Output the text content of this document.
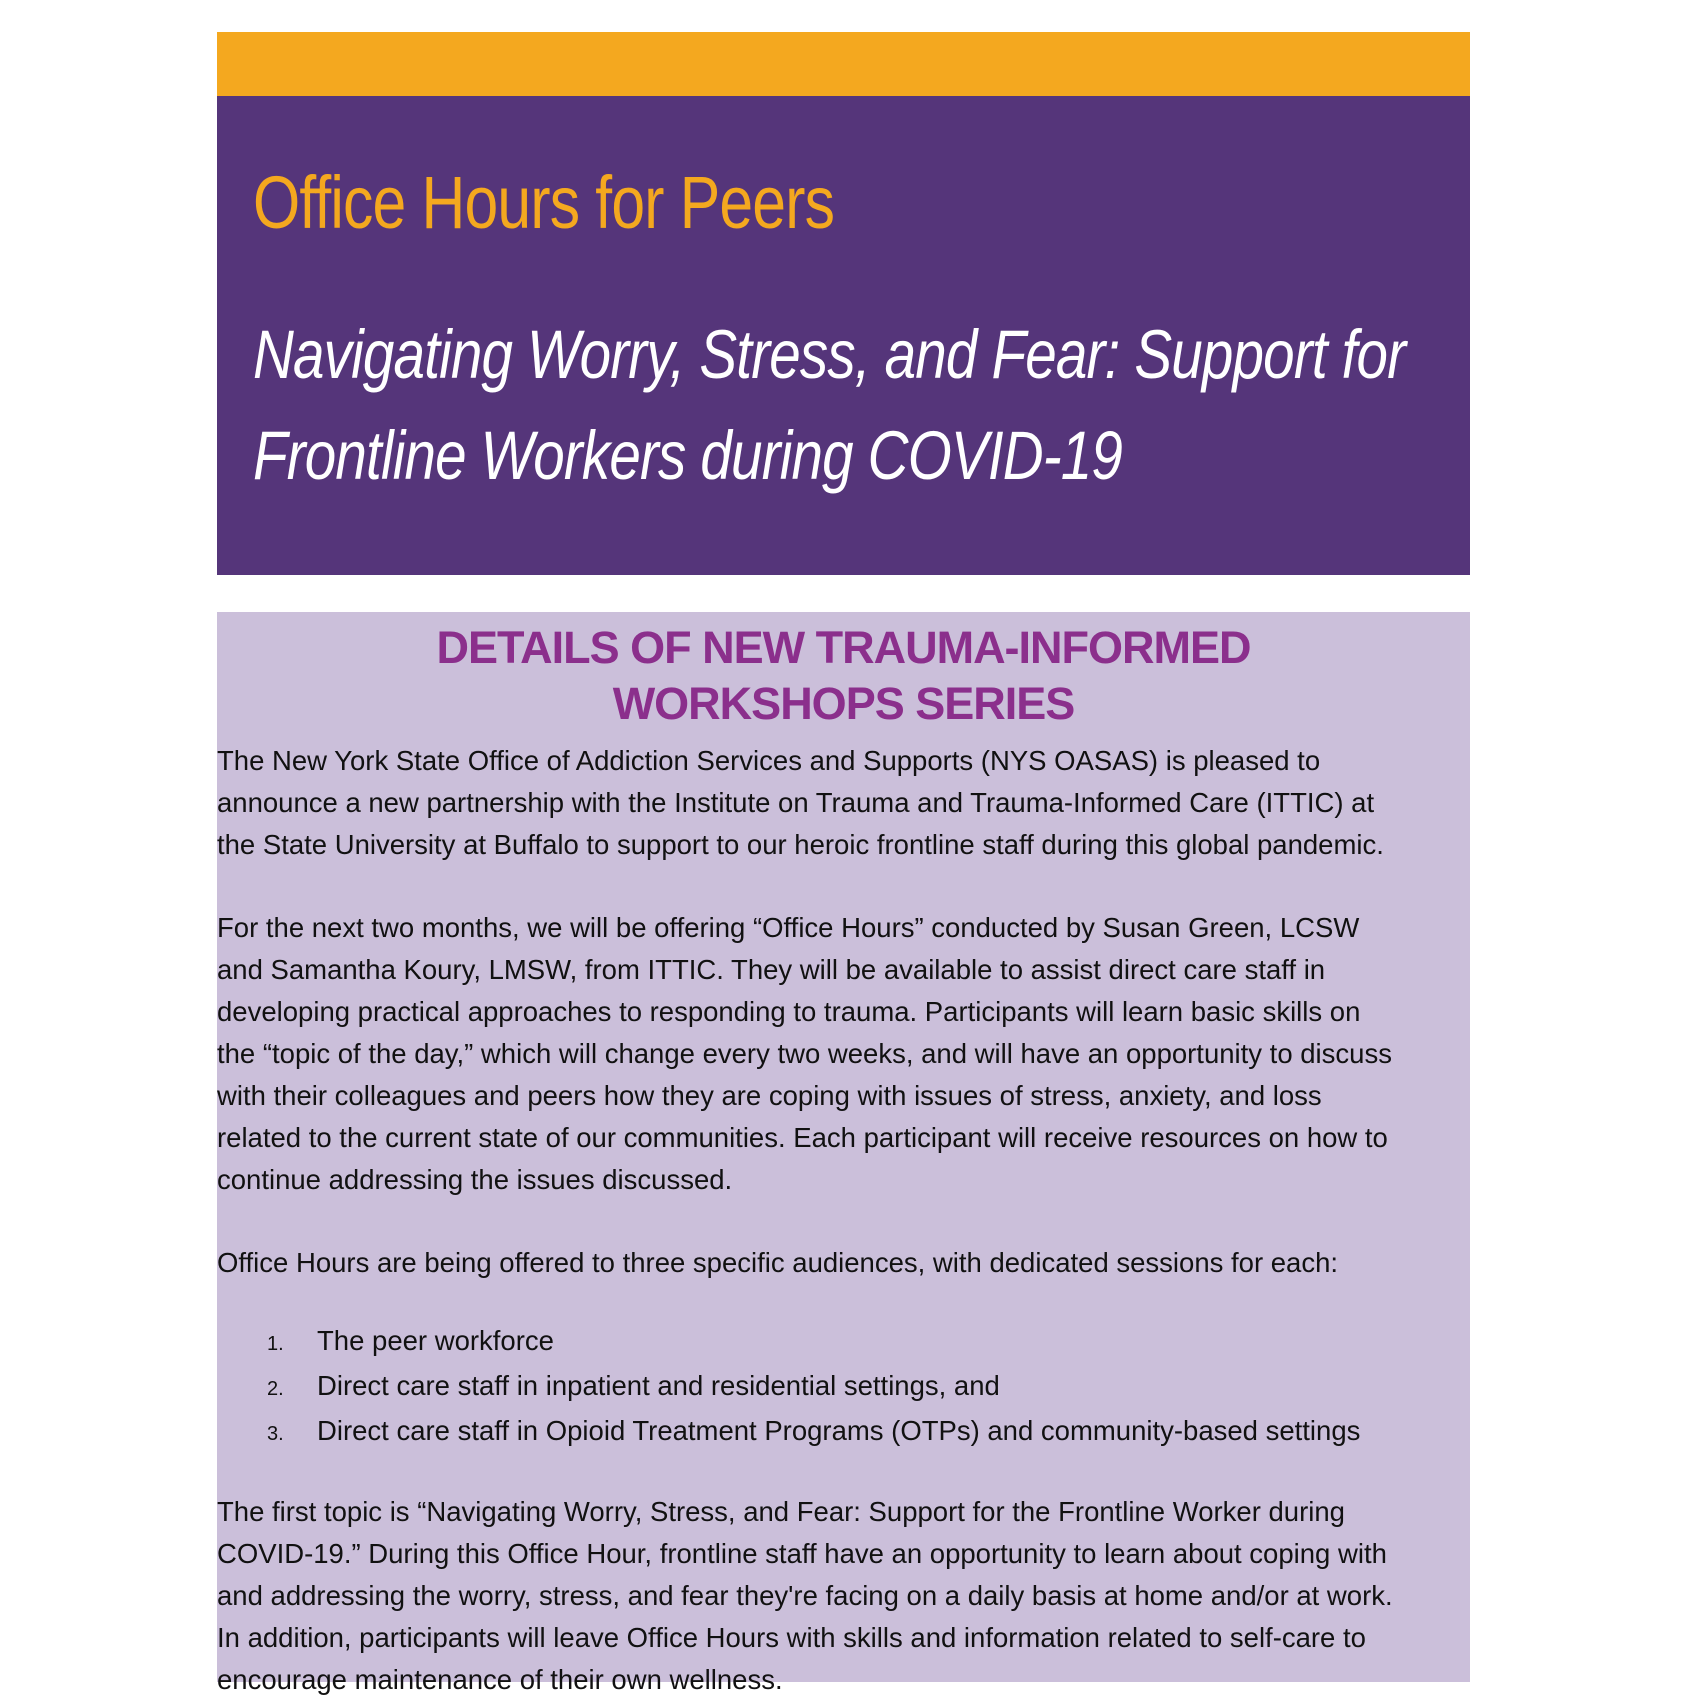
Office Hours for Peers
Navigating Worry, Stress, and Fear: Support for Frontline Workers during COVID-19
DETAILS OF NEW TRAUMA-INFORMED
WORKSHOPS SERIES

The New York State Office of Addiction Services and Supports (NYS OASAS) is pleased to
announce a new partnership with the Institute on Trauma and Trauma-Informed Care (ITTIC) at
the State University at Buffalo to support to our heroic frontline staff during this global pandemic.

For the next two months, we will be offering “Office Hours” conducted by Susan Green, LCSW
and Samantha Koury, LMSW, from ITTIC. They will be available to assist direct care staff in
developing practical approaches to responding to trauma. Participants will learn basic skills on
the “topic of the day,” which will change every two weeks, and will have an opportunity to discuss
with their colleagues and peers how they are coping with issues of stress, anxiety, and loss
related to the current state of our communities. Each participant will receive resources on how to
continue addressing the issues discussed.

Office Hours are being offered to three specific audiences, with dedicated sessions for each:

1. The peer workforce
2. Direct care staff in inpatient and residential settings, and
3. Direct care staff in Opioid Treatment Programs (OTPs) and community-based settings

The first topic is “Navigating Worry, Stress, and Fear: Support for the Frontline Worker during
COVID-19.” During this Office Hour, frontline staff have an opportunity to learn about coping with
and addressing the worry, stress, and fear they're facing on a daily basis at home and/or at work.
In addition, participants will leave Office Hours with skills and information related to self-care to
encourage maintenance of their own wellness.
